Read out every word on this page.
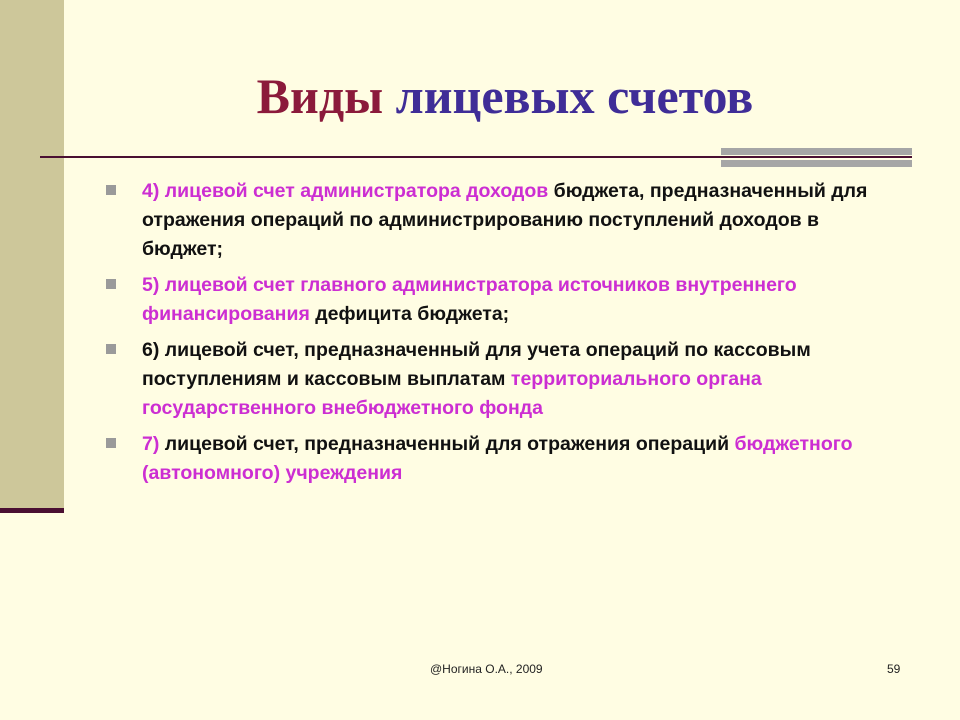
Виды лицевых счетов
4) лицевой счет администратора доходов бюджета, предназначенный для отражения операций по администрированию поступлений доходов в бюджет;
5) лицевой счет главного администратора источников внутреннего финансирования дефицита бюджета;
6) лицевой счет, предназначенный для учета операций по кассовым поступлениям и кассовым выплатам территориального органа государственного внебюджетного фонда
7) лицевой счет, предназначенный для отражения операций бюджетного (автономного) учреждения
@Ногина О.А., 2009	59
